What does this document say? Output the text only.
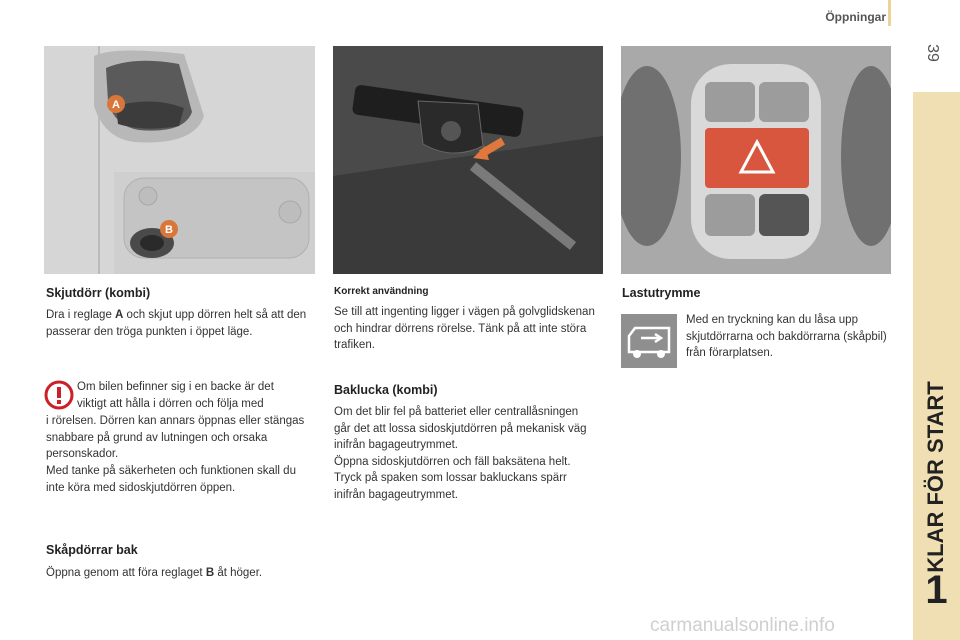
Öppningar
39
KLAR FÖR START
1
A
B
Skjutdörr (kombi)
Dra i reglage A och skjut upp dörren helt så att den passerar den tröga punkten i öppet läge.
Om bilen befinner sig i en backe är det
viktigt att hålla i dörren och följa med
i rörelsen. Dörren kan annars öppnas eller stängas snabbare på grund av lutningen och orsaka personskador.
Med tanke på säkerheten och funktionen skall du inte köra med sidoskjutdörren öppen.
Skåpdörrar bak
Öppna genom att föra reglaget B åt höger.
Korrekt användning
Se till att ingenting ligger i vägen på golvglidskenan och hindrar dörrens rörelse. Tänk på att inte störa trafiken.
Baklucka (kombi)
Om det blir fel på batteriet eller centrallåsningen går det att lossa sidoskjutdörren på mekanisk väg inifrån bagageutrymmet.
Öppna sidoskjutdörren och fäll baksätena helt.
Tryck på spaken som lossar bakluckans spärr inifrån bagageutrymmet.
Lastutrymme
Med en tryckning kan du låsa upp skjutdörrarna och bakdörrarna (skåpbil) från förarplatsen.
carmanualsonline.info
